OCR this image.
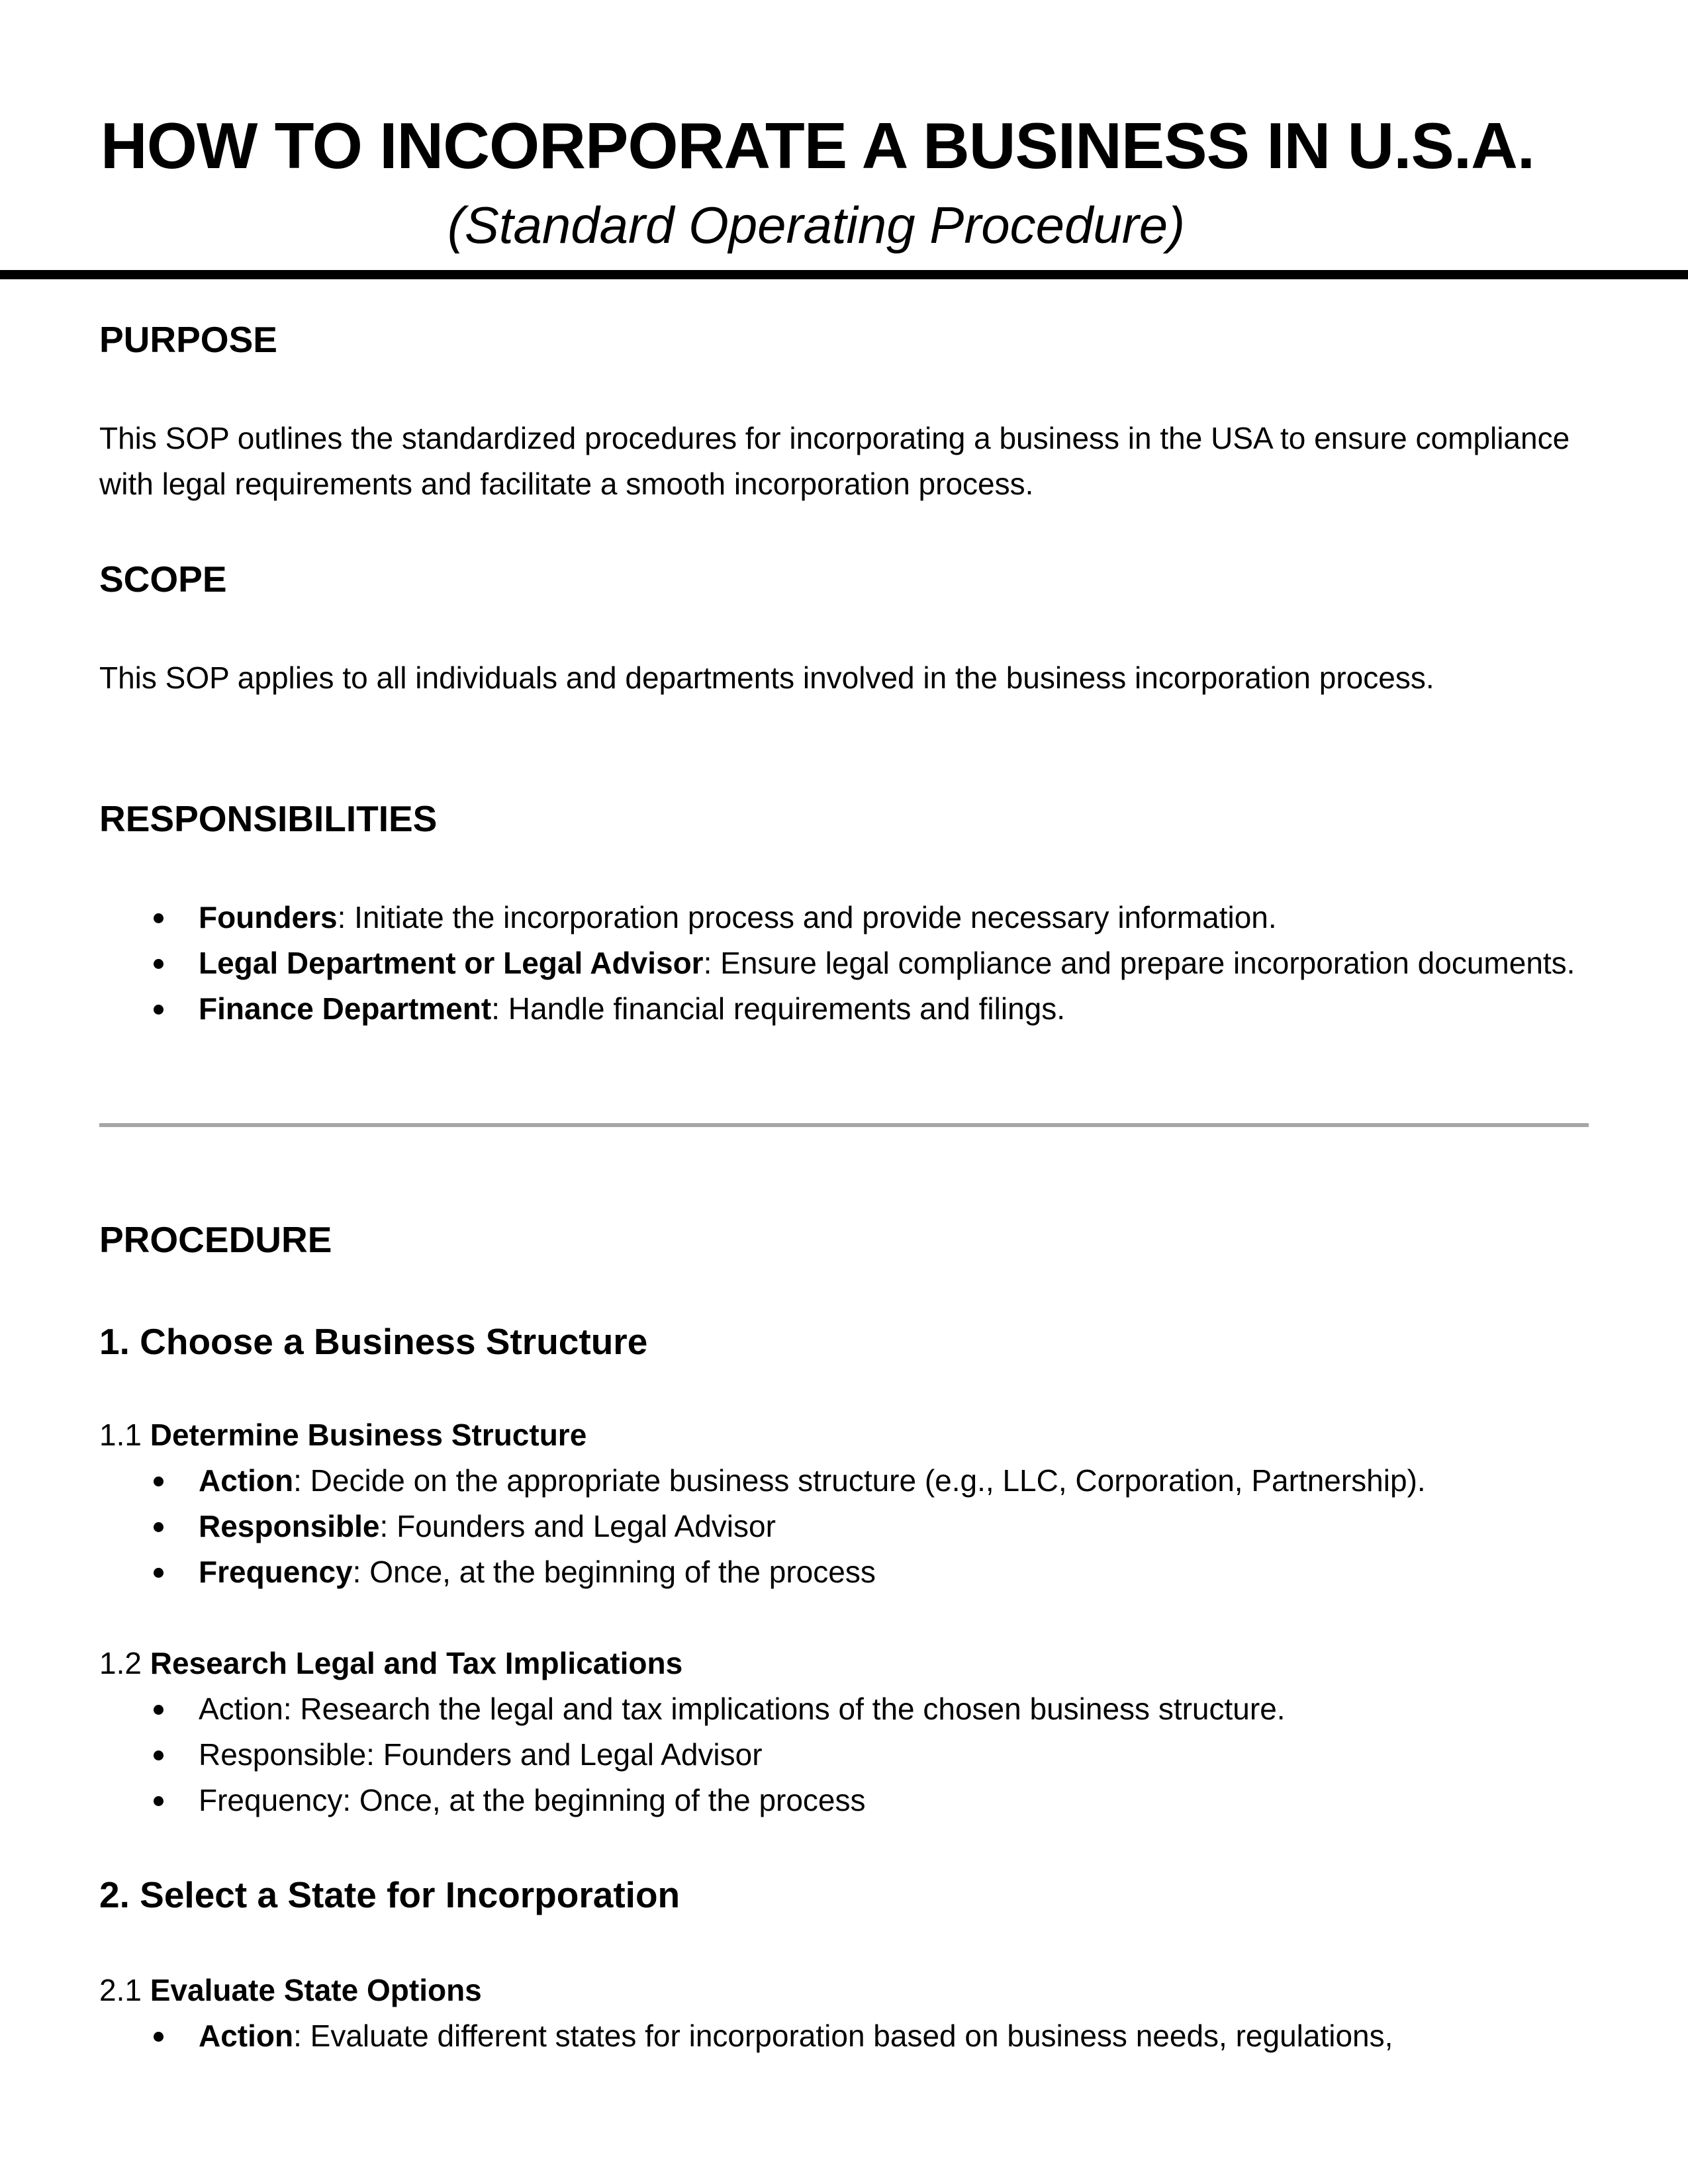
HOW TO INCORPORATE A BUSINESS IN U.S.A.
(Standard Operating Procedure)
PURPOSE

This SOP outlines the standardized procedures for incorporating a business in the USA to ensure compliance with legal requirements and facilitate a smooth incorporation process.

SCOPE

This SOP applies to all individuals and departments involved in the business incorporation process.

RESPONSIBILITIES
Founders: Initiate the incorporation process and provide necessary information.
Legal Department or Legal Advisor: Ensure legal compliance and prepare incorporation documents.
Finance Department: Handle financial requirements and filings.
PROCEDURE
1. Choose a Business Structure
1.1 Determine Business Structure
Action: Decide on the appropriate business structure (e.g., LLC, Corporation, Partnership).
Responsible: Founders and Legal Advisor
Frequency: Once, at the beginning of the process
1.2 Research Legal and Tax Implications
Action: Research the legal and tax implications of the chosen business structure.
Responsible: Founders and Legal Advisor
Frequency: Once, at the beginning of the process
2. Select a State for Incorporation
2.1 Evaluate State Options
Action: Evaluate different states for incorporation based on business needs, regulations,
